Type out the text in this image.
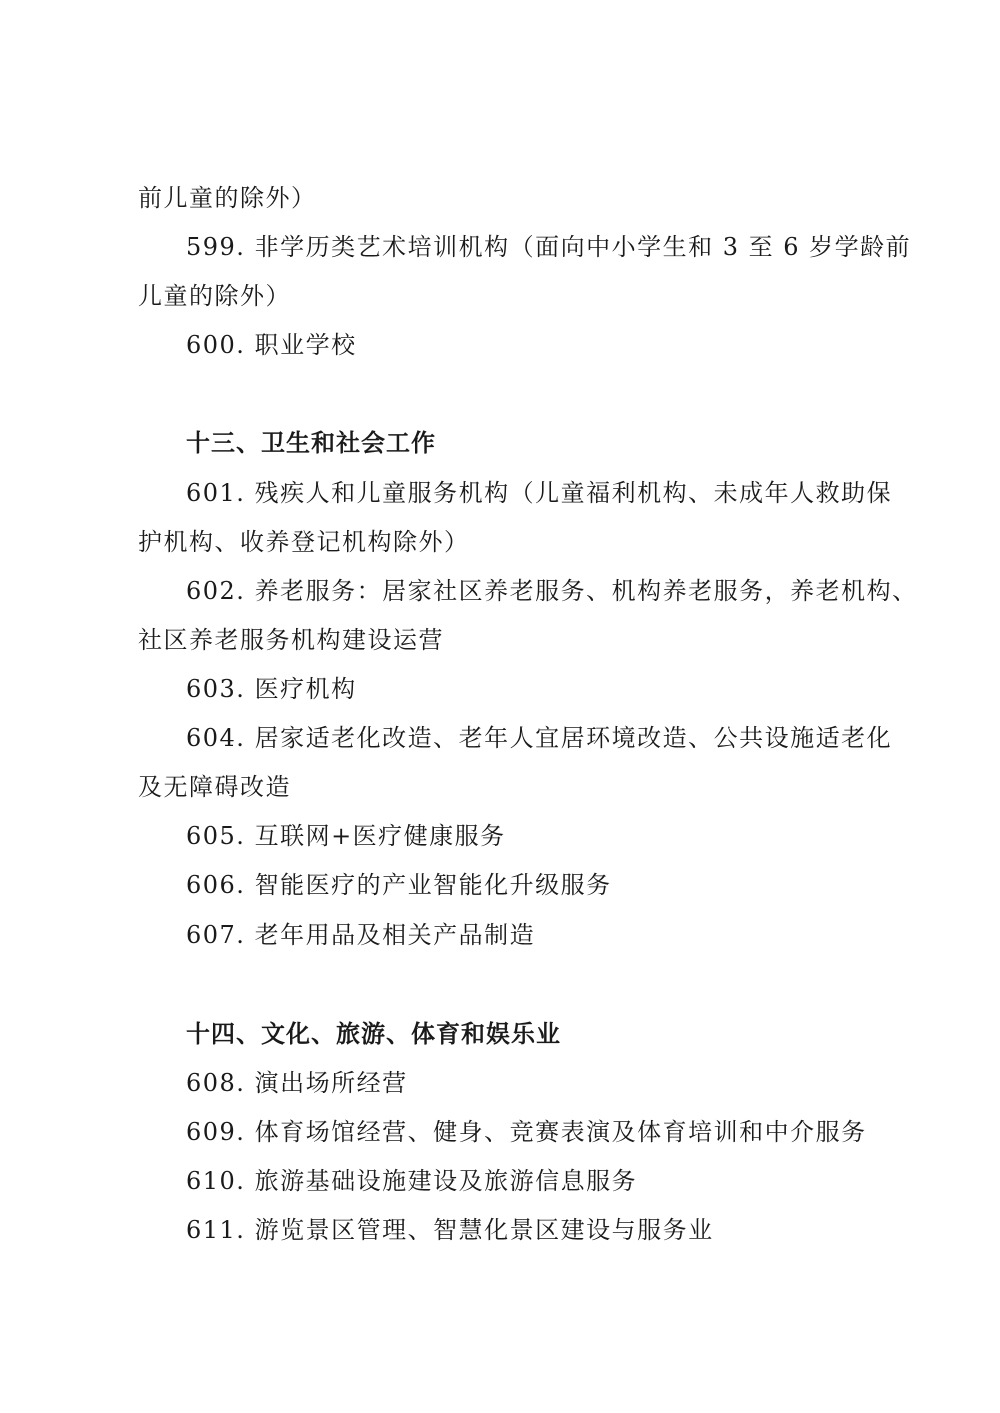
前儿童的除外）
599. 非学历类艺术培训机构（面向中小学生和 3 至 6 岁学龄前
儿童的除外）
600. 职业学校
十三、卫生和社会工作
601. 残疾人和儿童服务机构（儿童福利机构、未成年人救助保
护机构、收养登记机构除外）
602. 养老服务：居家社区养老服务、机构养老服务，养老机构、
社区养老服务机构建设运营
603. 医疗机构
604. 居家适老化改造、老年人宜居环境改造、公共设施适老化
及无障碍改造
605. 互联网+医疗健康服务
606. 智能医疗的产业智能化升级服务
607. 老年用品及相关产品制造
十四、文化、旅游、体育和娱乐业
608. 演出场所经营
609. 体育场馆经营、健身、竞赛表演及体育培训和中介服务
610. 旅游基础设施建设及旅游信息服务
611. 游览景区管理、智慧化景区建设与服务业
